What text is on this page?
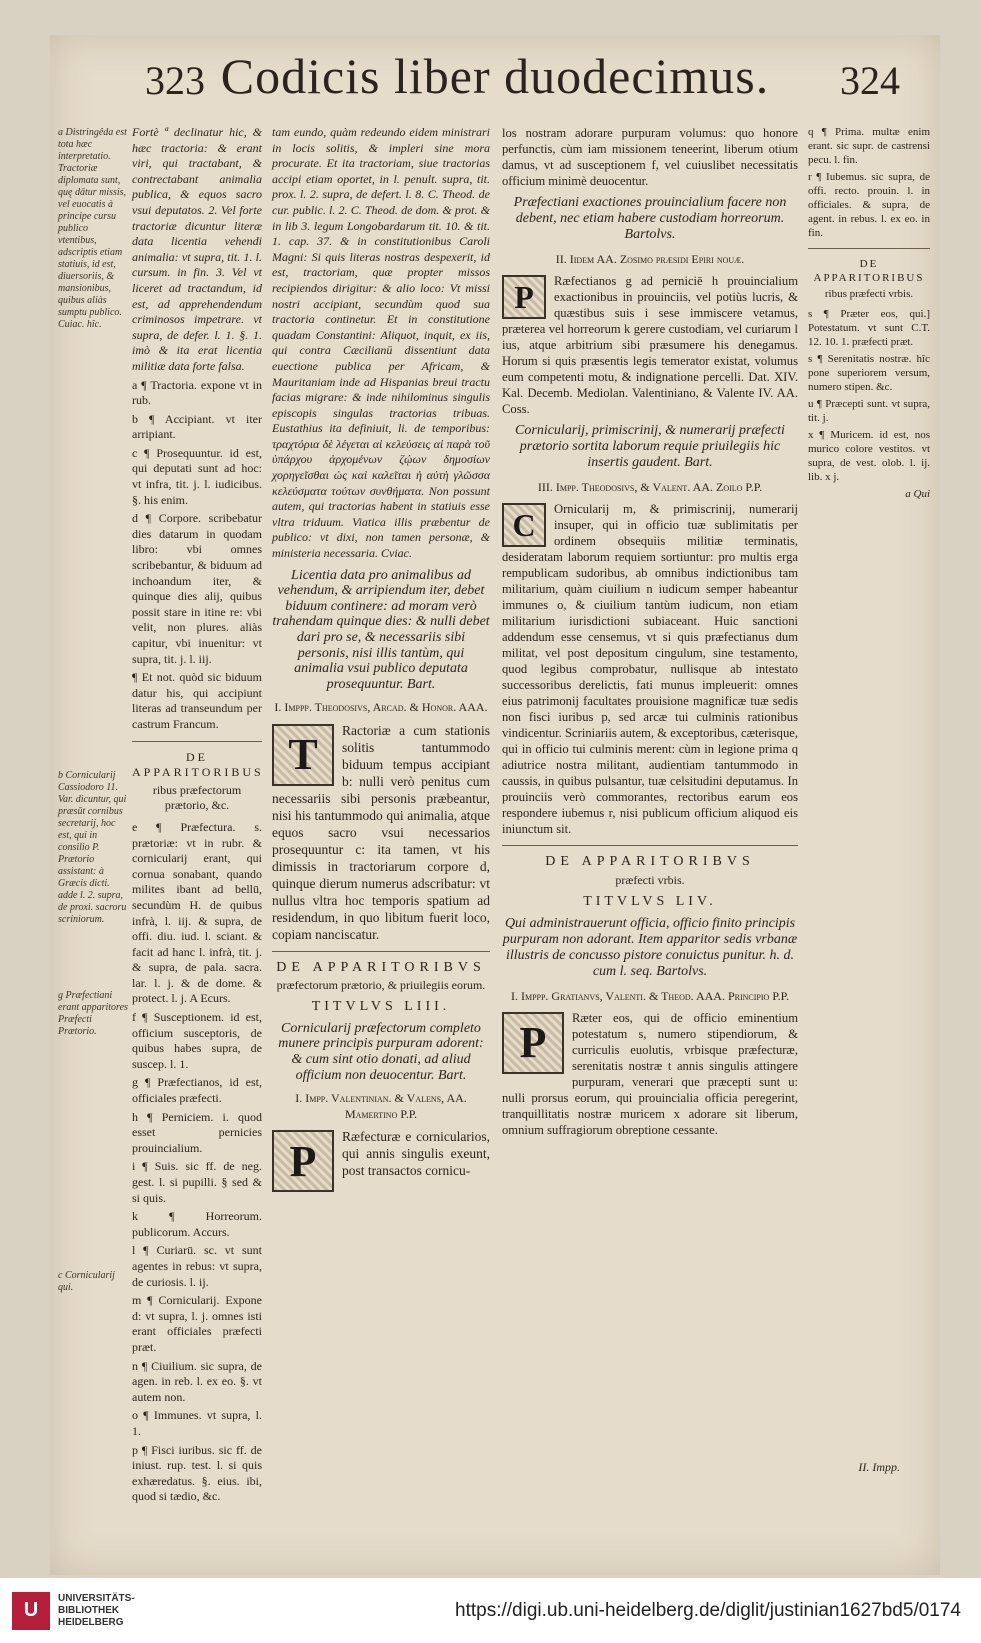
323 Codicis liber duodecimus.	324
a Distringêda est tota hæc interpretatio. Tractoriæ diplomata sunt, quę dātur missis, vel euocatis à principe cursu publico vtentibus, adscriptis etiam statiuis, id est, diuersoriis, & mansionibus, quibus aliàs sumptu publico. Cuiac. hîc.
b Cornicularij Cassiodoro 11. Var. dicuntur, qui præsūt cornibus secretarij, hoc est, qui in consilio P. Prætorio assistant: à Græcis dicti. adde l. 2. supra, de proxi. sacroru scriniorum.
g Præfectiani erant apparitores Præfecti Prætorio.
c Cornicularij qui.

Fortè ª declinatur hic, & hæc tractoria: & erant viri, qui tractabant, & contrectabant animalia publica, & equos sacro vsui deputatos. 2. Vel forte tractoriæ dicuntur literæ data licentia vehendi animalia: vt supra, tit. 1. l. cursum. in fin. 3. Vel vt liceret ad tractandum, id est, ad apprehendendum criminosos impetrare. vt supra, de defer. l. 1. §. 1. imò & ita erat licentia militiæ data forte falsa.

a ¶ Tractoria. expone vt in rub.

b ¶ Accipiant. vt iter arripiant.

c ¶ Prosequuntur. id est, qui deputati sunt ad hoc: vt infra, tit. j. l. iudicibus. §. his enim.

d ¶ Corpore. scribebatur dies datarum in quodam libro: vbi omnes scribebantur, & biduum ad inchoandum iter, & quinque dies alij, quibus possit stare in itine re: vbi velit, non plures. aliàs capitur, vbi inuenitur: vt supra, tit. j. l. iij.

¶ Et not. quòd sic biduum datur his, qui accipiunt literas ad transeundum per castrum Francum.

DE APPARITORIBUS
ribus præfectorum prætorio, &c.

e ¶ Præfectura. s. prætoriæ: vt in rubr. & cornicularij erant, qui cornua sonabant, quando milites ibant ad bellū, secundùm H. de quibus infrà, l. iij. & supra, de offi. diu. iud. l. sciant. & facit ad hanc l. infrà, tit. j. & supra, de pala. sacra. lar. l. j. & de dome. & protect. l. j. A Ecurs.

f ¶ Susceptionem. id est, officium susceptoris, de quibus habes supra, de suscep. l. 1.

g ¶ Præfectianos, id est, officiales præfecti.

h ¶ Perniciem. i. quod esset pernicies prouincialium.

i ¶ Suis. sic ff. de neg. gest. l. si pupilli. § sed & si quis.

k ¶ Horreorum. publicorum. Accurs.

l ¶ Curiarū. sc. vt sunt agentes in rebus: vt supra, de curiosis. l. ij.

m ¶ Cornicularij. Expone d: vt supra, l. j. omnes isti erant officiales præfecti præt.

n ¶ Ciuilium. sic supra, de agen. in reb. l. ex eo. §. vt autem non.

o ¶ Immunes. vt supra, l. 1.

p ¶ Fisci iuribus. sic ff. de iniust. rup. test. l. si quis exhæredatus. §. eius. ibi, quod si tædio, &c.

tam eundo, quàm redeundo eidem ministrari in locis solitis, & impleri sine mora procurate. Et ita tractoriam, siue tractorias accipi etiam oportet, in l. penult. supra, tit. prox. l. 2. supra, de defert. l. 8. C. Theod. de cur. public. l. 2. C. Theod. de dom. & prot. & in lib 3. legum Longobardarum tit. 10. & tit. 1. cap. 37. & in constitutionibus Caroli Magni: Si quis literas nostras despexerit, id est, tractoriam, quæ propter missos recipiendos dirigitur: & alio loco: Vt missi nostri accipiant, secundùm quod sua tractoria continetur. Et in constitutione quadam Constantini: Aliquot, inquit, ex iis, qui contra Cæcilianū dissentiunt data euectione publica per Africam, & Mauritaniam inde ad Hispanias breui tractu facias migrare: & inde nihilominus singulis episcopis singulas tractorias tribuas. Eustathius ita definiuit, li. de temporibus: τραχτόρια δὲ λέγεται αἱ κελεύσεις αἱ παρὰ τοῦ ὑπάρχου ἀρχομένων ζῴων δημοσίων χορηγεῖσθαι ὡς καὶ καλεῖται ἡ αὐτὴ γλῶσσα κελεύσματα τούτων συνθήματα. Non possunt autem, qui tractorias habent in statiuis esse vltra triduum. Viatica illis præbentur de publico: vt dixi, non tamen personæ, & ministeria necessaria. Cviac.

Licentia data pro animalibus ad vehendum, & arripiendum iter, debet biduum continere: ad moram verò trahendam quinque dies: & nulli debet dari pro se, & necessariis sibi personis, nisi illis tantùm, qui animalia vsui publico deputata prosequuntur. Bart.
I. Imppp. Theodosivs, Arcad. & Honor. AAA.

T	Ractoriæ a cum stationis solitis tantummodo biduum tempus accipiant b: nulli verò penitus cum necessariis sibi personis præbeantur, nisi his tantummodo qui animalia, atque equos sacro vsui necessarios prosequuntur c: ita tamen, vt his dimissis in tractoriarum corpore d, quinque dierum numerus adscribatur: vt nullus vltra hoc temporis spatium ad residendum, in quo libitum fuerit loco, copiam nanciscatur.

DE APPARITORIBVS
præfectorum prætorio, & priuilegiis eorum.
TITVLVS LIII.
Cornicularij præfectorum completo munere principis purpuram adorent: & cum sint otio donati, ad aliud officium non deuocentur. Bart.
I. Impp. Valentinian. & Valens, AA. Mamertino P.P.

P	Ræfecturæ e cornicularios, qui annis singulis exeunt, post transactos cornicu-

los nostram adorare purpuram volumus: quo honore perfunctis, cùm iam missionem teneerint, liberum otium damus, vt ad susceptionem f, vel cuiuslibet necessitatis officium minimè deuocentur.

Præfectiani exactiones prouincialium facere non debent, nec etiam habere custodiam horreorum. Bartolvs.
II. Iidem AA. Zosimo præsidi Epiri nouæ.

P	Ræfectianos g ad perniciē h prouincialium exactionibus in prouinciis, vel potiùs lucris, & quæstibus suis i sese immiscere vetamus, præterea vel horreorum k gerere custodiam, vel curiarum l ius, atque arbitrium sibi præsumere his denegamus. Horum si quis præsentis legis temerator existat, volumus eum competenti motu, & indignatione percelli. Dat. XIV. Kal. Decemb. Mediolan. Valentiniano, & Valente IV. AA. Coss.

Cornicularij, primiscrinij, & numerarij præfecti prætorio sortita laborum requie priuilegiis hic insertis gaudent. Bart.
III. Impp. Theodosivs, & Valent. AA. Zoilo P.P.

C	Ornicularij m, & primiscrinij, numerarij insuper, qui in officio tuæ sublimitatis per ordinem obsequiis militiæ terminatis, desideratam laborum requiem sortiuntur: pro multis erga rempublicam sudoribus, ab omnibus indictionibus tam militarium, quàm ciuilium n iudicum semper habeantur immunes o, & ciuilium tantùm iudicum, non etiam militarium iurisdictioni subiaceant. Huic sanctioni addendum esse censemus, vt si quis præfectianus dum militat, vel post depositum cingulum, sine testamento, quod legibus comprobatur, nullisque ab intestato successoribus derelictis, fati munus impleuerit: omnes eius patrimonij facultates prouisione magnificæ tuæ sedis non fisci iuribus p, sed arcæ tui culminis rationibus vindicentur. Scriniariis autem, & exceptoribus, cæterisque, qui in officio tui culminis merent: cùm in legione prima q adiutrice nostra militant, audientiam tantummodo in caussis, in quibus pulsantur, tuæ celsitudini deputamus. In prouinciis verò commorantes, rectoribus earum eos respondere iubemus r, nisi publicum officium aliquod eis iniunctum sit.

DE APPARITORIBVS
præfecti vrbis.
TITVLVS LIV.
Qui administrauerunt officia, officio finito principis purpuram non adorant. Item apparitor sedis vrbanæ illustris de concusso pistore conuictus punitur. h. d. cum l. seq. Bartolvs.
I. Imppp. Gratianvs, Valenti. & Theod. AAA. Principio P.P.

P	Ræter eos, qui de officio eminentium potestatum s, numero stipendiorum, & curriculis euolutis, vrbisque præfecturæ, serenitatis nostræ t annis singulis attingere purpuram, venerari que præcepti sunt u: nulli prorsus eorum, qui prouincialia officia peregerint, tranquillitatis nostræ muricem x adorare sit liberum, omnium suffragiorum obreptione cessante.

II. Impp.

q ¶ Prima. multæ enim erant. sic supr. de castrensi pecu. l. fin.

r ¶ Iubemus. sic supra, de offi. recto. prouin. l. in officiales. & supra, de agent. in rebus. l. ex eo. in fin.

DE APPARITORIBUS
ribus præfecti vrbis.

s ¶ Præter eos, qui.] Potestatum. vt sunt C.T. 12. 10. 1. præfecti præt.

s ¶ Serenitatis nostræ. hîc pone superiorem versum, numero stipen. &c.

u ¶ Præcepti sunt. vt supra, tit. j.

x ¶ Muricem. id est, nos murico colore vestitos. vt supra, de vest. olob. l. ij. lib. x j.

a Qui

U
UNIVERSITÄTS-
BIBLIOTHEK
HEIDELBERG
https://digi.ub.uni-heidelberg.de/diglit/justinian1627bd5/0174
